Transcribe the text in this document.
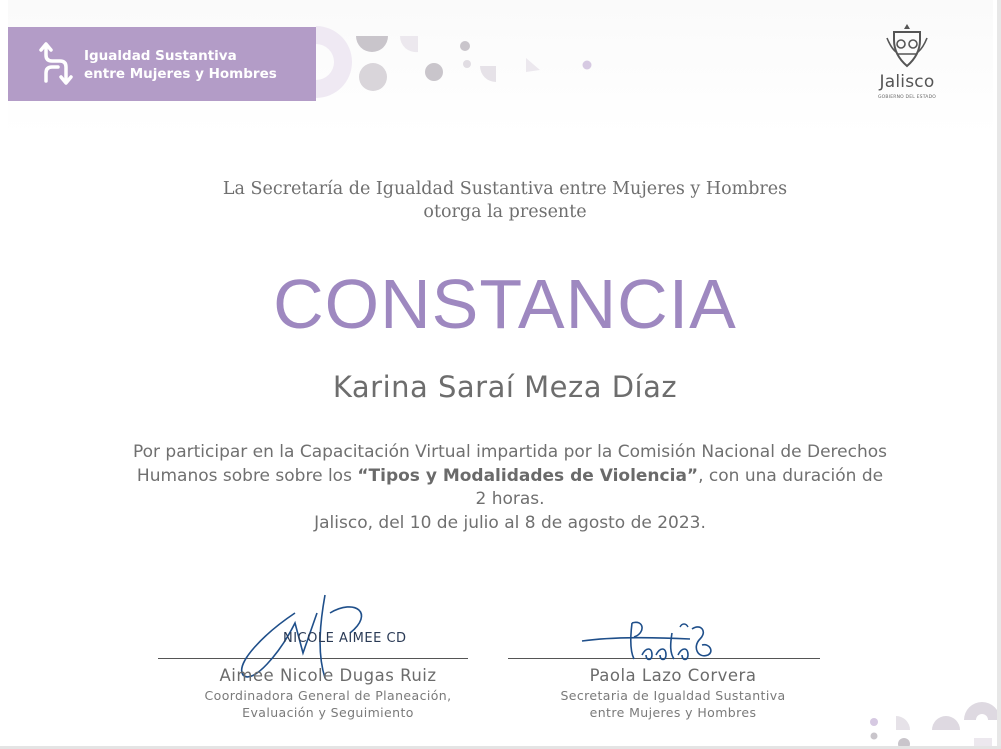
Igualdad Sustantiva
entre Mujeres y Hombres	Jalisco
GOBIERNO DEL ESTADO
La Secretaría de Igualdad Sustantiva entre Mujeres y Hombres
otorga la presente
CONSTANCIA
Karina Saraí Meza Díaz
Por participar en la Capacitación Virtual impartida por la Comisión Nacional de Derechos Humanos sobre sobre los “Tipos y Modalidades de Violencia”, con una duración de 2 horas.
Jalisco, del 10 de julio al 8 de agosto de 2023.
NICOLE AIMEE CD
Aimee Nicole Dugas Ruiz
Coordinadora General de Planeación,
Evaluación y Seguimiento
Paola Lazo Corvera
Secretaria de Igualdad Sustantiva
entre Mujeres y Hombres
